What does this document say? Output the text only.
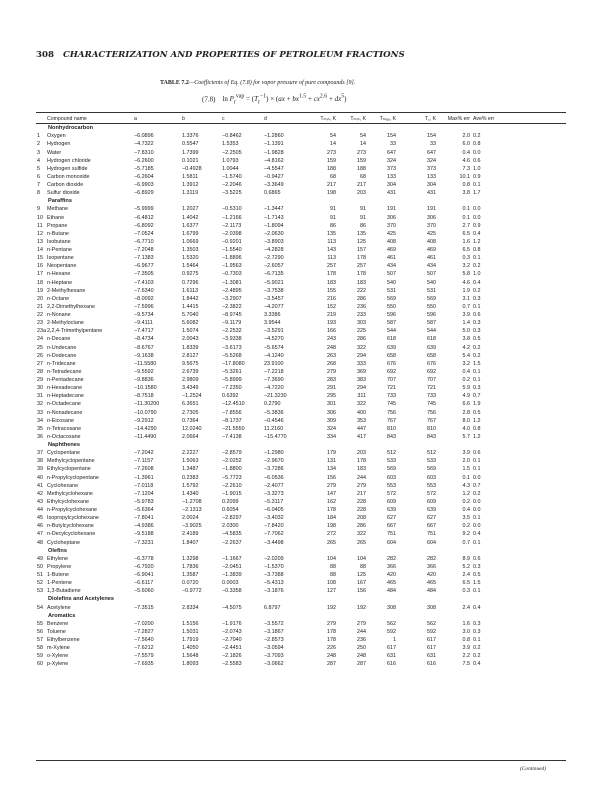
308 CHARACTERIZATION AND PROPERTIES OF PETROLEUM FRACTIONS
TABLE 7.2—Coefficients of Eq. (7.8) for vapor pressure of pure compounds [9].
(7.8) $\ln P_r^{vap} = (T_r^{-1}) \times (ax + bx^{1.5} + cx^{2.6} + dx^5)$
	Compound name	a	b	c	d	Tₘᵢₙ, K	Tₘᵢₙ, K	Tₘₐₓ, K	T꜀, K	Max% err	Ave% err
	Nonhydrocarbon										
1	Oxygen	−6.0896	1.3376	−0.8462	−1.2860	54	54	154	154	2.0	0.2
2	Hydrogen	−4.7322	0.5547	1.5353	−1.1391	14	14	33	33	6.0	0.8
3	Water	−7.8310	1.7399	−2.2505	−1.9828	273	273	647	647	0.4	0.0
4	Hydrogen chloride	−6.2600	0.1021	1.0793	−4.8162	159	159	324	324	4.6	0.6
5	Hydrogen sulfide	−5.7185	−0.4928	1.0044	−4.5547	188	188	373	373	7.3	1.0
6	Carbon monoxide	−6.2604	1.5811	−1.5740	−0.9427	68	68	133	133	10.1	0.9
7	Carbon dioxide	−6.9903	1.3912	−2.2046	−3.3649	217	217	304	304	0.8	0.1
8	Sulfur dioxide	−6.8929	1.3119	−3.5225	0.6865	198	203	431	431	3.8	1.7
	Paraffins										
9	Methane	−5.9999	1.2027	−0.5310	−1.3447	91	91	191	191	0.1	0.0
10	Ethane	−6.4812	1.4042	−1.2166	−1.7143	91	91	306	306	0.1	0.0
11	Propane	−6.8092	1.6377	−2.1173	−1.8094	86	86	370	370	2.7	0.9
12	n-Butane	−7.0524	1.6799	−2.0398	−2.0630	135	135	425	425	6.5	0.4
13	Isobutane	−6.7710	1.0669	−0.9201	−3.8903	113	125	408	408	1.6	1.2
14	n-Pentane	−7.2048	1.3503	−1.5540	−4.2828	143	157	469	469	6.5	0.8
15	Isopentane	−7.1383	1.5320	−1.8896	−2.7290	113	178	461	461	0.3	0.1
16	Neopentane	−6.9677	1.5464	−1.9563	−2.6057	257	257	434	434	3.2	0.2
17	n-Hexane	−7.3505	0.9275	−0.7303	−6.7135	178	178	507	507	5.8	1.0
18	n-Heptane	−7.4103	0.7296	−1.3081	−5.9021	183	183	540	540	4.6	0.4
19	2-Methylhexane	−7.6340	1.6113	−2.4895	−3.7538	155	222	531	531	1.9	0.2
20	n-Octane	−8.0092	1.8442	−3.2907	−3.5457	216	286	569	569	3.1	0.3
21	2,2-Dimethylhexane	−7.5996	1.4415	−2.3822	−4.2077	152	236	550	550	0.7	0.1
22	n-Nonane	−9.5734	5.7040	−8.9745	3.3386	219	233	596	596	3.9	0.6
23	2-Methyloctane	−9.4111	5.6082	−9.1179	3.9544	193	303	587	587	1.4	0.3
23a	2,2,4-Trimethylpentane	−7.4717	1.5074	−2.2532	−3.5291	166	225	544	544	5.0	0.3
24	n-Decane	−8.4734	2.0043	−3.9338	−4.5270	243	286	618	618	3.8	0.5
25	n-Undecane	−8.6767	1.8339	−3.6173	−5.6574	248	322	639	639	4.2	0.2
26	n-Dodecane	−9.1638	2.8127	−5.5268	−4.1240	263	294	658	658	5.4	0.2
27	n-Tridecane	−11.5580	9.5675	−17.8080	23.9100	268	333	676	676	3.2	1.5
28	n-Tetradecane	−9.5592	2.6739	−5.3261	−7.2218	279	369	692	692	0.4	0.1
29	n-Pentadecane	−9.8836	2.9809	−5.8999	−7.3690	283	383	707	707	0.2	0.1
30	n-Hexadecane	−10.1580	3.4349	−7.2350	−4.7220	291	294	721	721	5.9	0.3
31	n-Heptadecane	−8.7518	−1.2524	0.6392	−21.3230	295	311	733	733	4.9	0.7
32	n-Octadecane	−11.30200	6.3651	−12.4510	0.2790	301	322	745	745	6.6	1.9
33	n-Nonadecane	−10.0790	2.7305	−7.8556	−5.3836	306	400	756	756	2.8	0.5
34	n-Eicosane	−9.2912	0.7364	−8.1737	−0.4546	309	353	767	767	8.0	1.2
35	n-Tetracosane	−14.4290	12.0240	−21.5550	11.2160	324	447	810	810	4.0	0.8
36	n-Octacosane	−11.4490	2.0664	−7.4138	−15.4770	334	417	843	843	5.7	1.2
	Naphthenes										
37	Cyclopentane	−7.2042	2.2227	−2.8579	−1.2980	179	203	512	512	3.9	0.6
38	Methylcyclopentane	−7.1157	1.5063	−2.0252	−2.9670	131	178	533	533	2.0	0.1
39	Ethylcyclopentane	−7.2608	1.3487	−1.8800	−3.7286	134	183	569	569	1.5	0.1
40	n-Propylcyclopentane	−1.3961	0.2383	−5.7723	−6.0536	156	244	603	603	0.1	0.0
41	Cyclohexane	−7.0118	1.5792	−2.2610	−2.4077	279	279	553	553	4.3	0.7
42	Methylcyclohexane	−7.1204	1.4340	−1.9015	−3.3273	147	217	572	572	1.2	0.2
43	Ethylcyclohexane	−5.9783	−1.2708	0.2099	−5.3117	162	228	609	609	0.2	0.0
44	n-Propylcyclohexane	−5.6364	−2.1313	0.6054	−6.0405	178	228	639	639	0.4	0.0
45	Isopropylcyclohexane	−7.8041	2.0024	−2.8297	−3.4032	184	208	627	627	3.5	0.1
46	n-Butylcyclohexane	−4.9386	−3.9025	2.0300	−7.8420	198	286	667	667	0.2	0.0
47	n-Decylcyclohexane	−9.5188	2.4189	−4.5835	−7.7062	272	322	751	751	9.2	0.4
48	Cycloheptane	−7.3231	1.8407	−2.2637	−3.4498	265	265	604	604	0.7	0.1
	Olefins										
49	Ethylene	−6.3778	1.3298	−1.1667	−2.0209	104	104	282	282	8.9	0.6
50	Propylene	−6.7920	1.7836	−2.0451	−1.5370	88	88	366	366	5.2	0.3
51	1-Butene	−6.9041	1.3587	−1.3839	−3.7388	88	125	420	420	2.4	0.5
52	1-Pentene	−6.6117	0.0720	0.0003	−5.4313	108	167	465	465	6.5	1.5
53	1,3-Butadiene	−5.6060	−0.9772	−0.3358	−3.1876	127	156	484	484	0.3	0.1
	Diolefins and Acetylenes										
54	Acetylene	−7.3515	2.8334	−4.5075	6.8797	192	192	308	308	2.4	0.4
	Aromatics										
55	Benzene	−7.0200	1.5156	−1.9176	−3.5572	279	279	562	562	1.6	0.3
56	Toluene	−7.2827	1.5031	−2.0743	−3.1867	178	244	592	592	3.0	0.3
57	Ethylbenzene	−7.5640	1.7919	−2.7040	−2.8573	178	236	1	617	0.8	0.1
58	m-Xylene	−7.6212	1.4050	−2.4451	−3.0594	226	250	617	617	3.9	0.2
59	o-Xylene	−7.5579	1.5648	−2.1826	−3.7093	248	248	631	631	2.2	0.2
60	p-Xylene	−7.6935	1.8093	−2.5583	−3.0662	287	287	616	616	7.5	0.4
(Continued)
